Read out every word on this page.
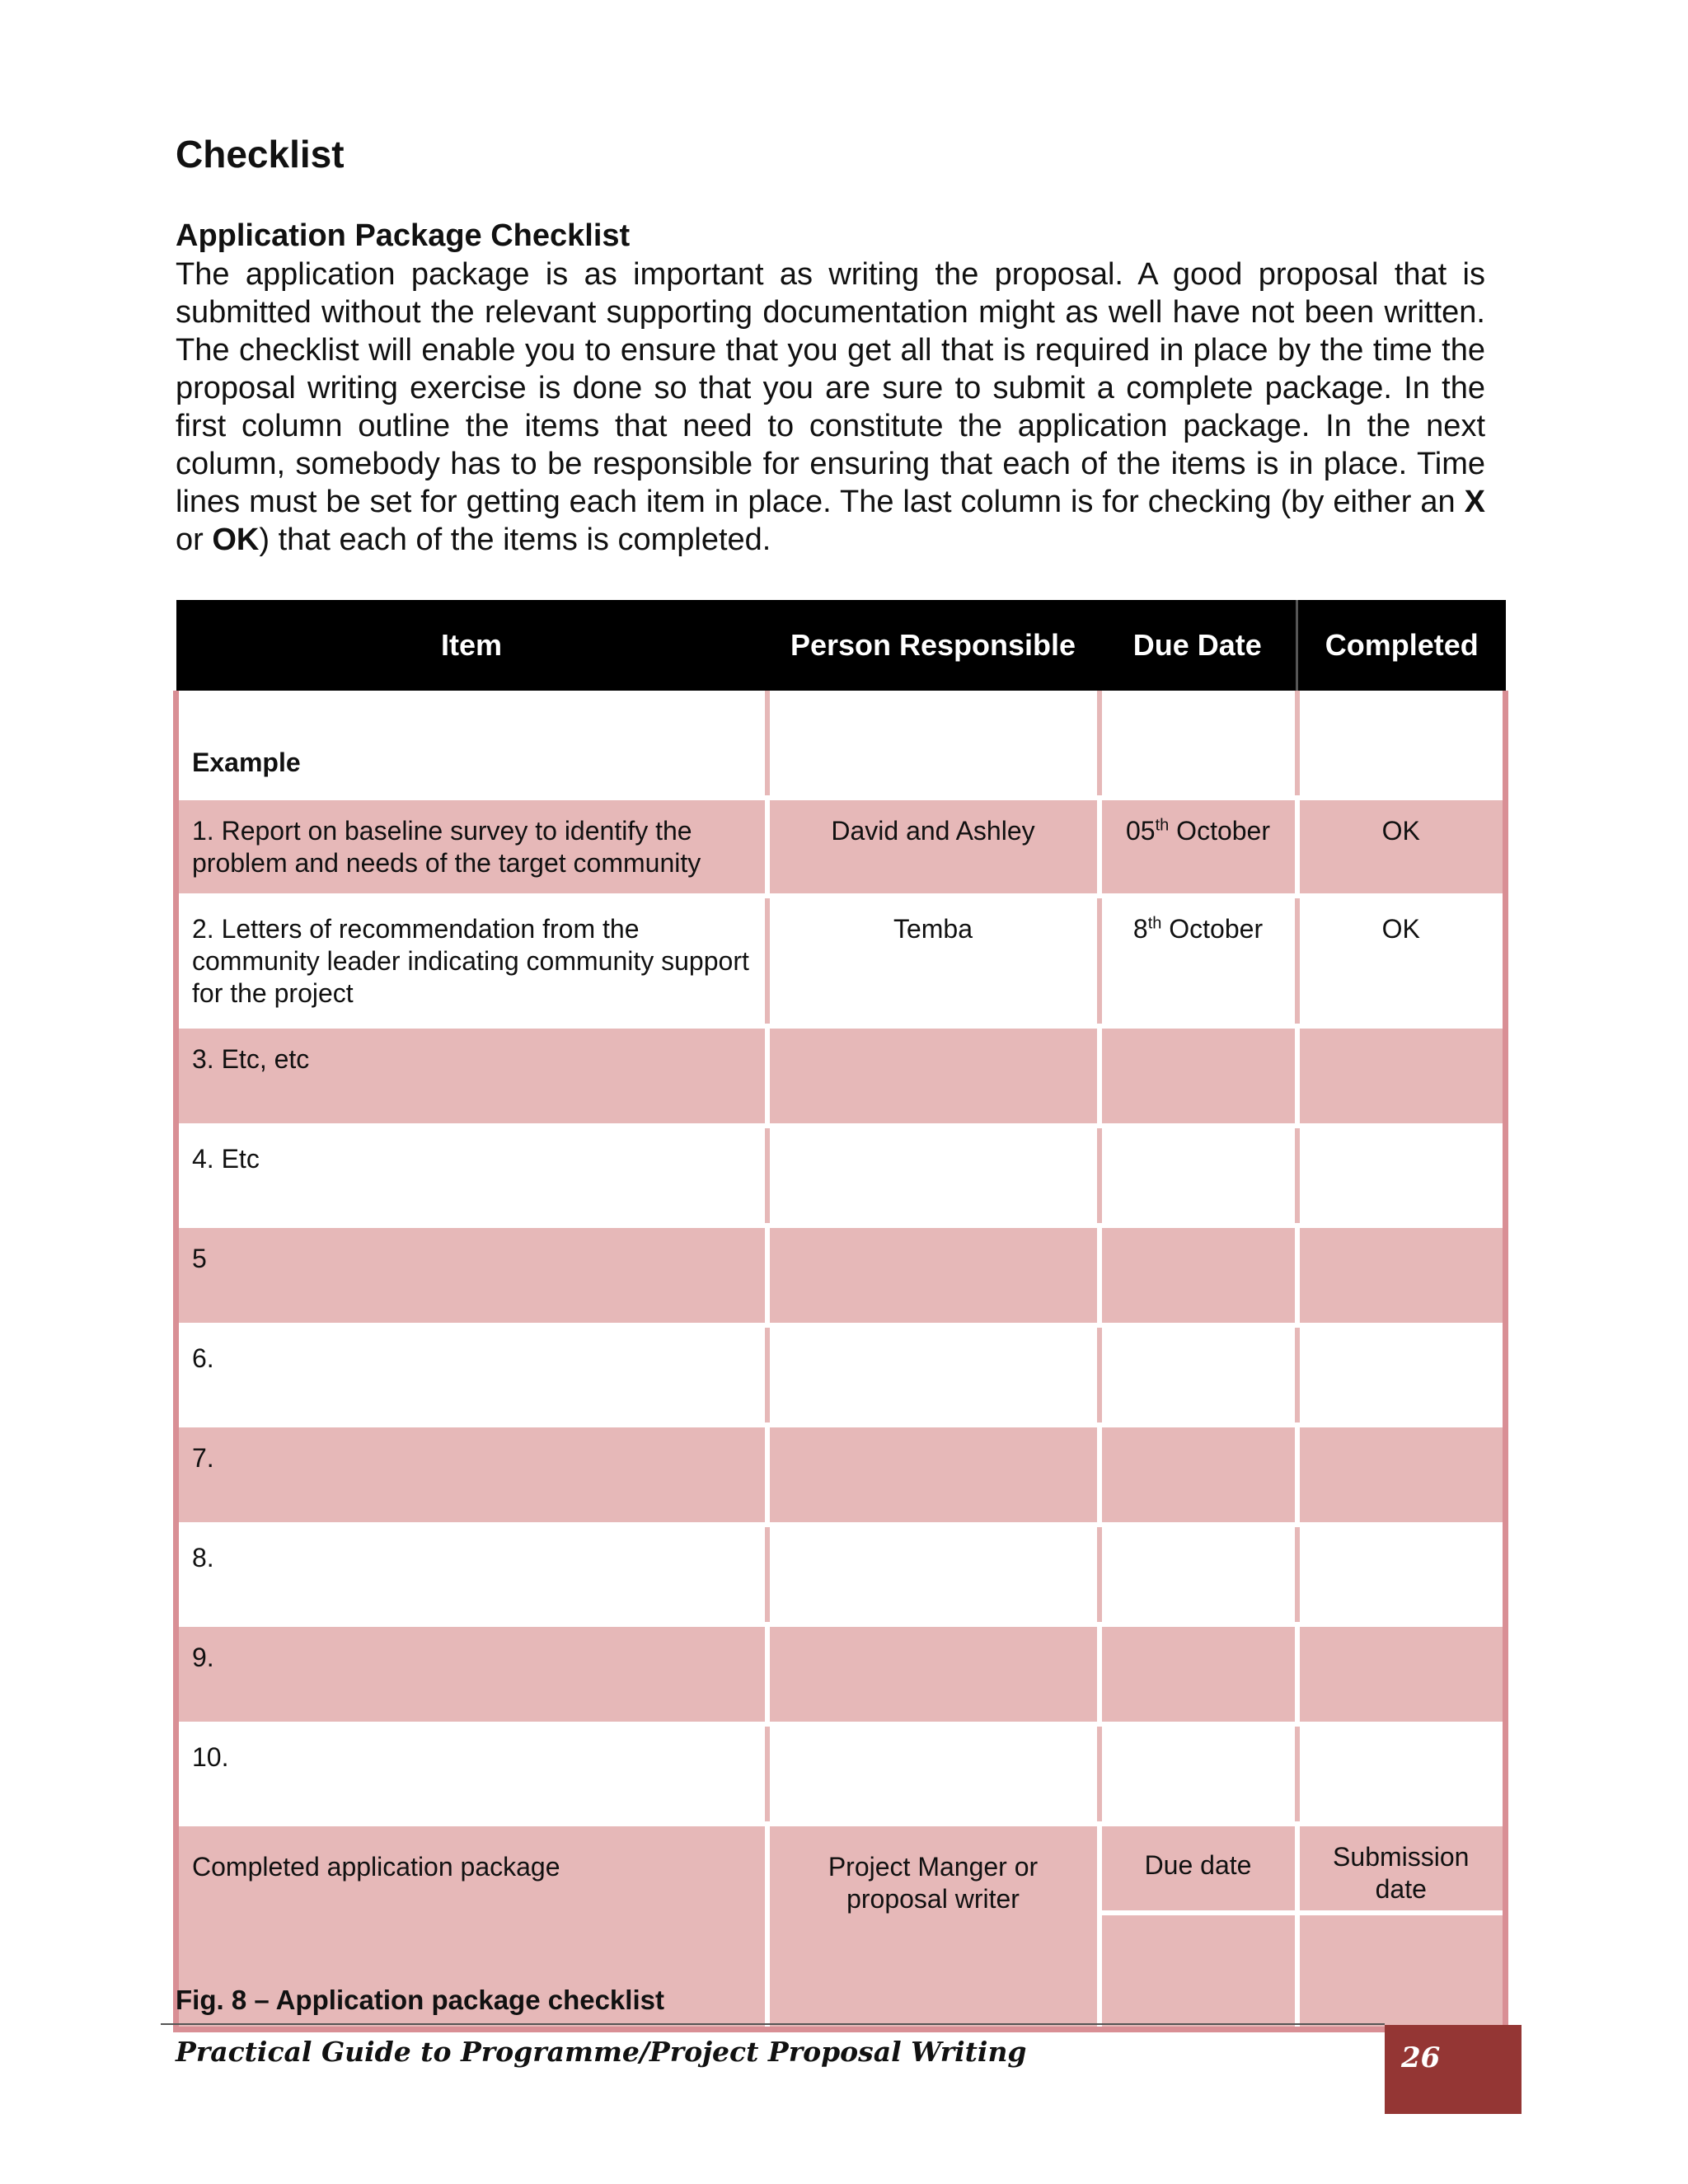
Checklist
Application Package Checklist

The application package is as important as writing the proposal. A good proposal that is submitted without the relevant supporting documentation might as well have not been written. The checklist will enable you to ensure that you get all that is required in place by the time the proposal writing exercise is done so that you are sure to submit a complete package. In the first column outline the items that need to constitute the application package. In the next column, somebody has to be responsible for ensuring that each of the items is in place. Time lines must be set for getting each item in place. The last column is for checking (by either an X or OK) that each of the items is completed.

Item	Person Responsible	Due Date	Completed
Example			
1. Report on baseline survey to identify the problem and needs of the target community	David and Ashley	05th October	OK
2. Letters of recommendation from the community leader indicating community support for the project	Temba	8th October	OK
3. Etc, etc			
4. Etc			
5			
6.			
7.			
8.			
9.			
10.			
Completed application package	Project Manger or proposal writer	Due date	Submission date

Fig. 8 – Application package checklist

Practical Guide to Programme/Project Proposal Writing	26
